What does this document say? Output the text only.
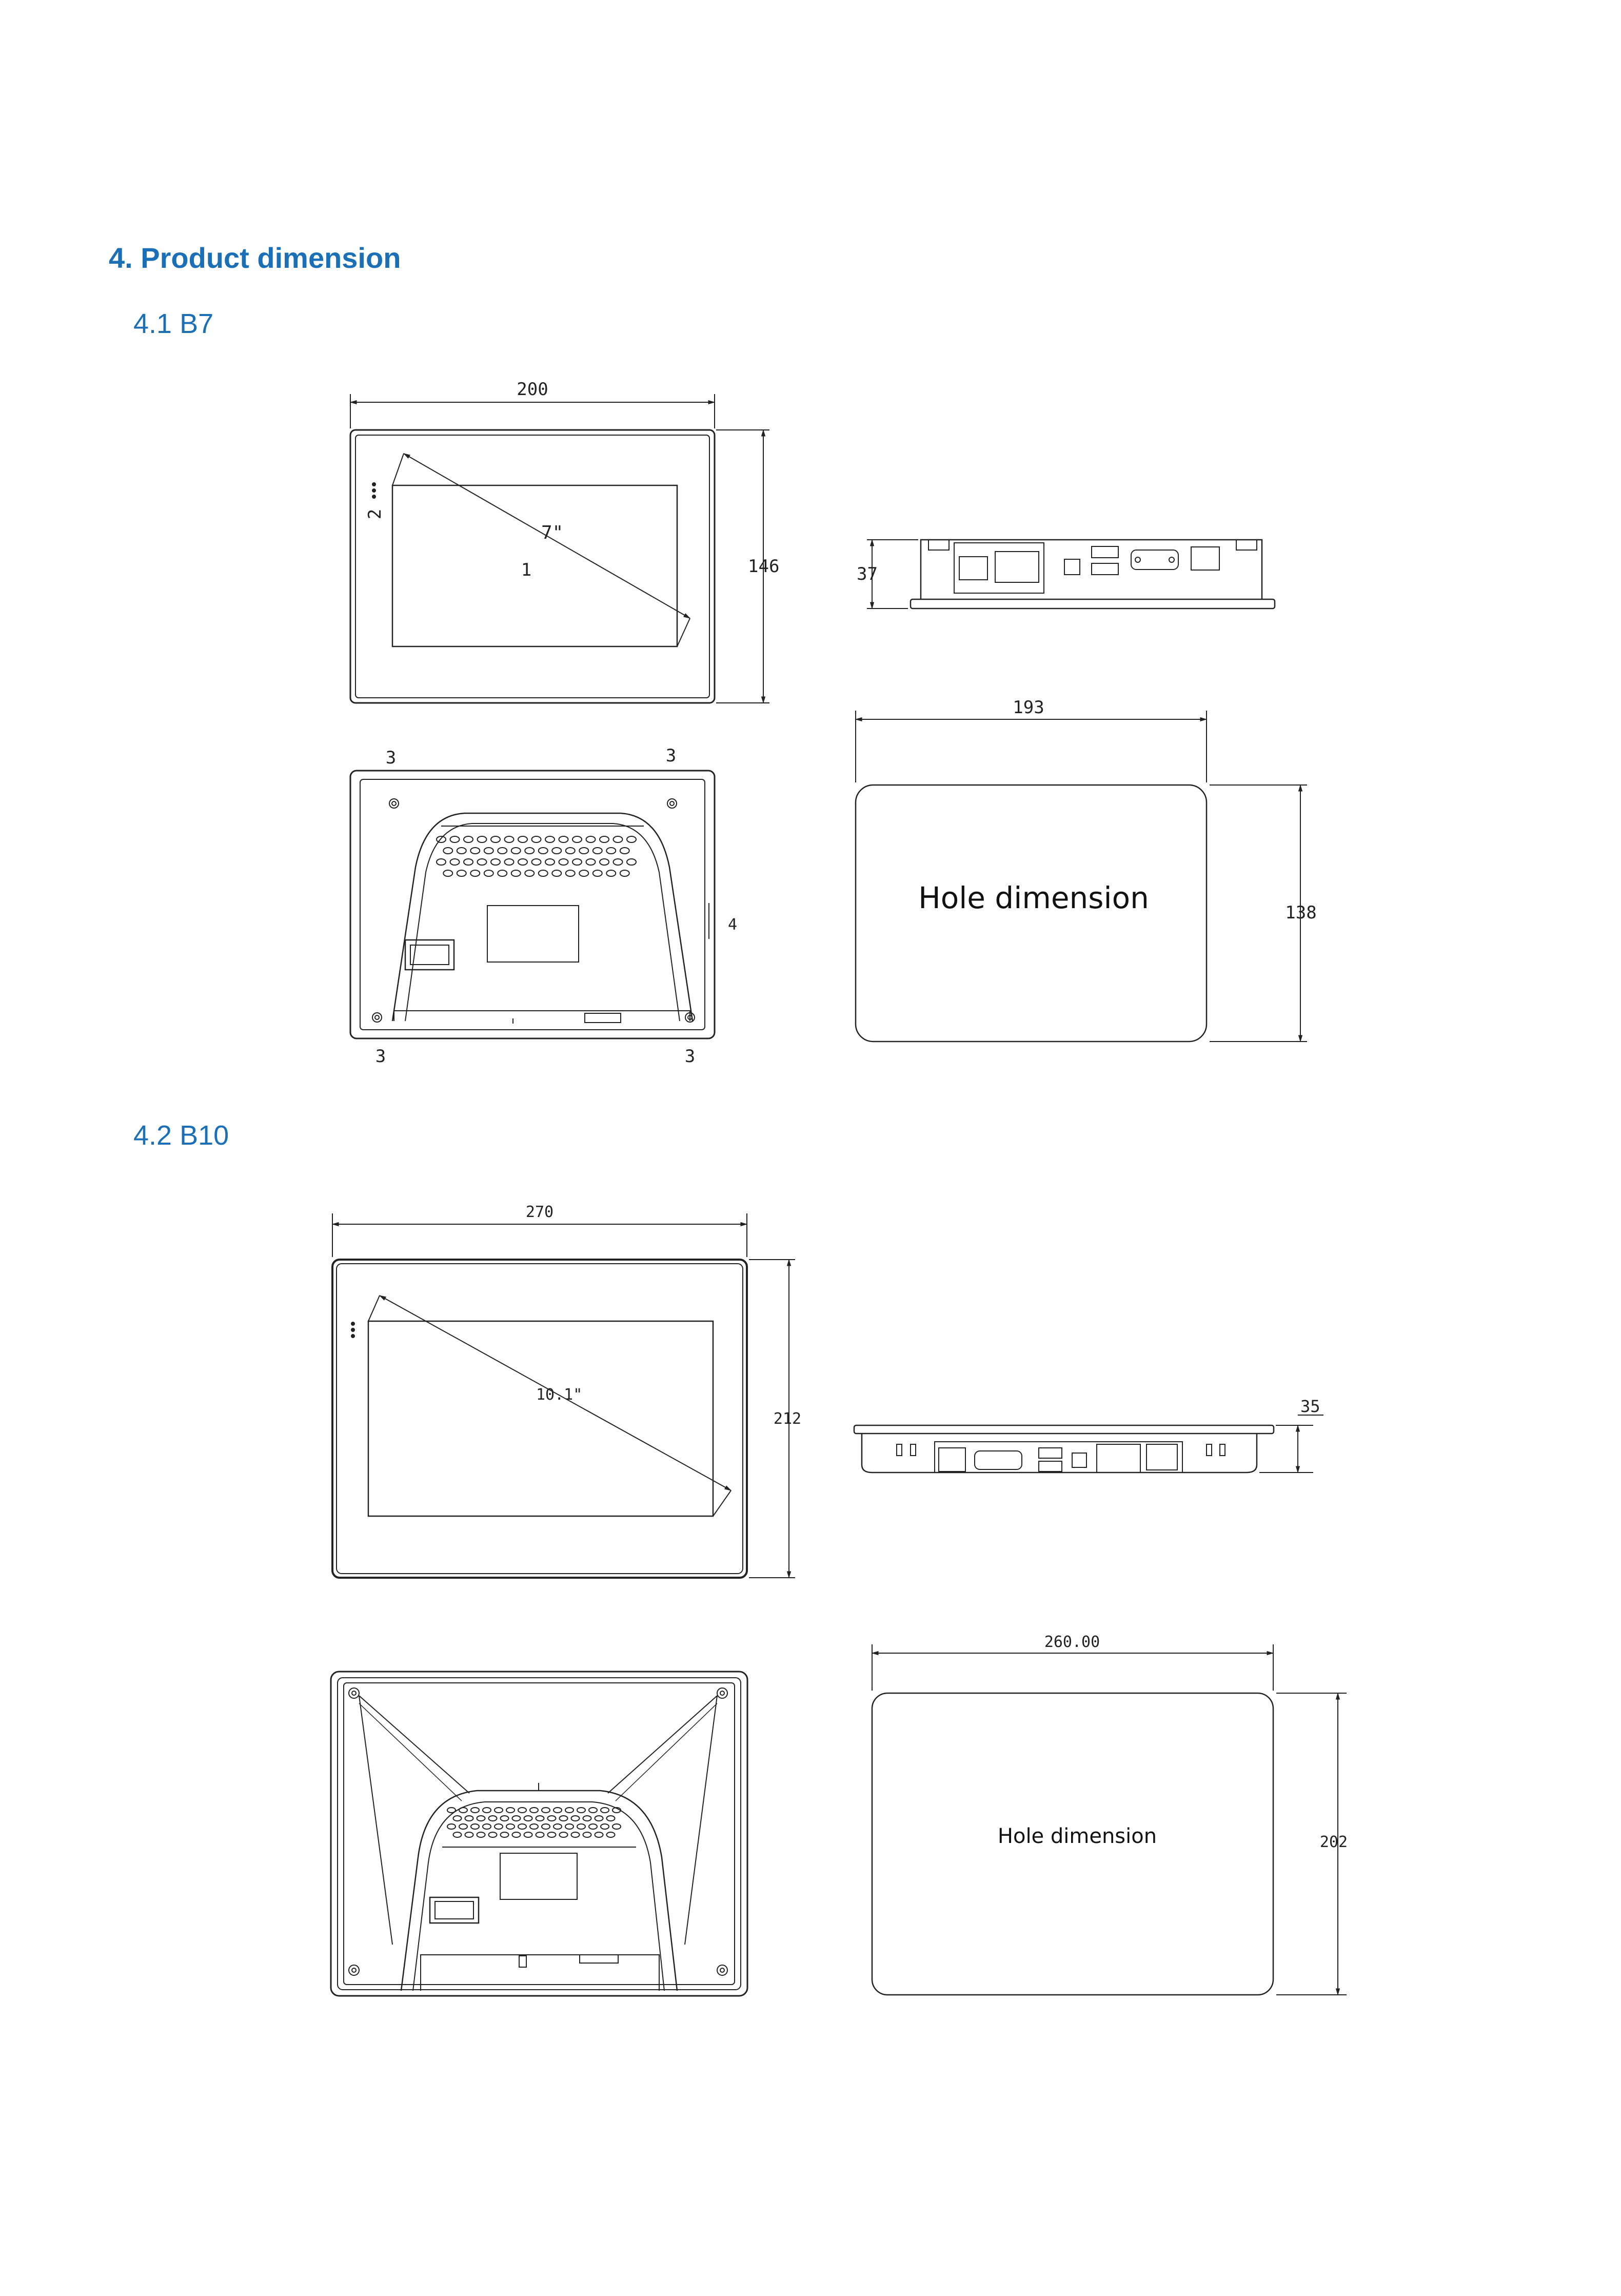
4. Product dimension
4.1 B7
4.2 B10
200
146
7"
1
2
37
3	3
3	3
4
193
138
Hole dimension
270
212
10.1"
35
260.00
202
Hole dimension
